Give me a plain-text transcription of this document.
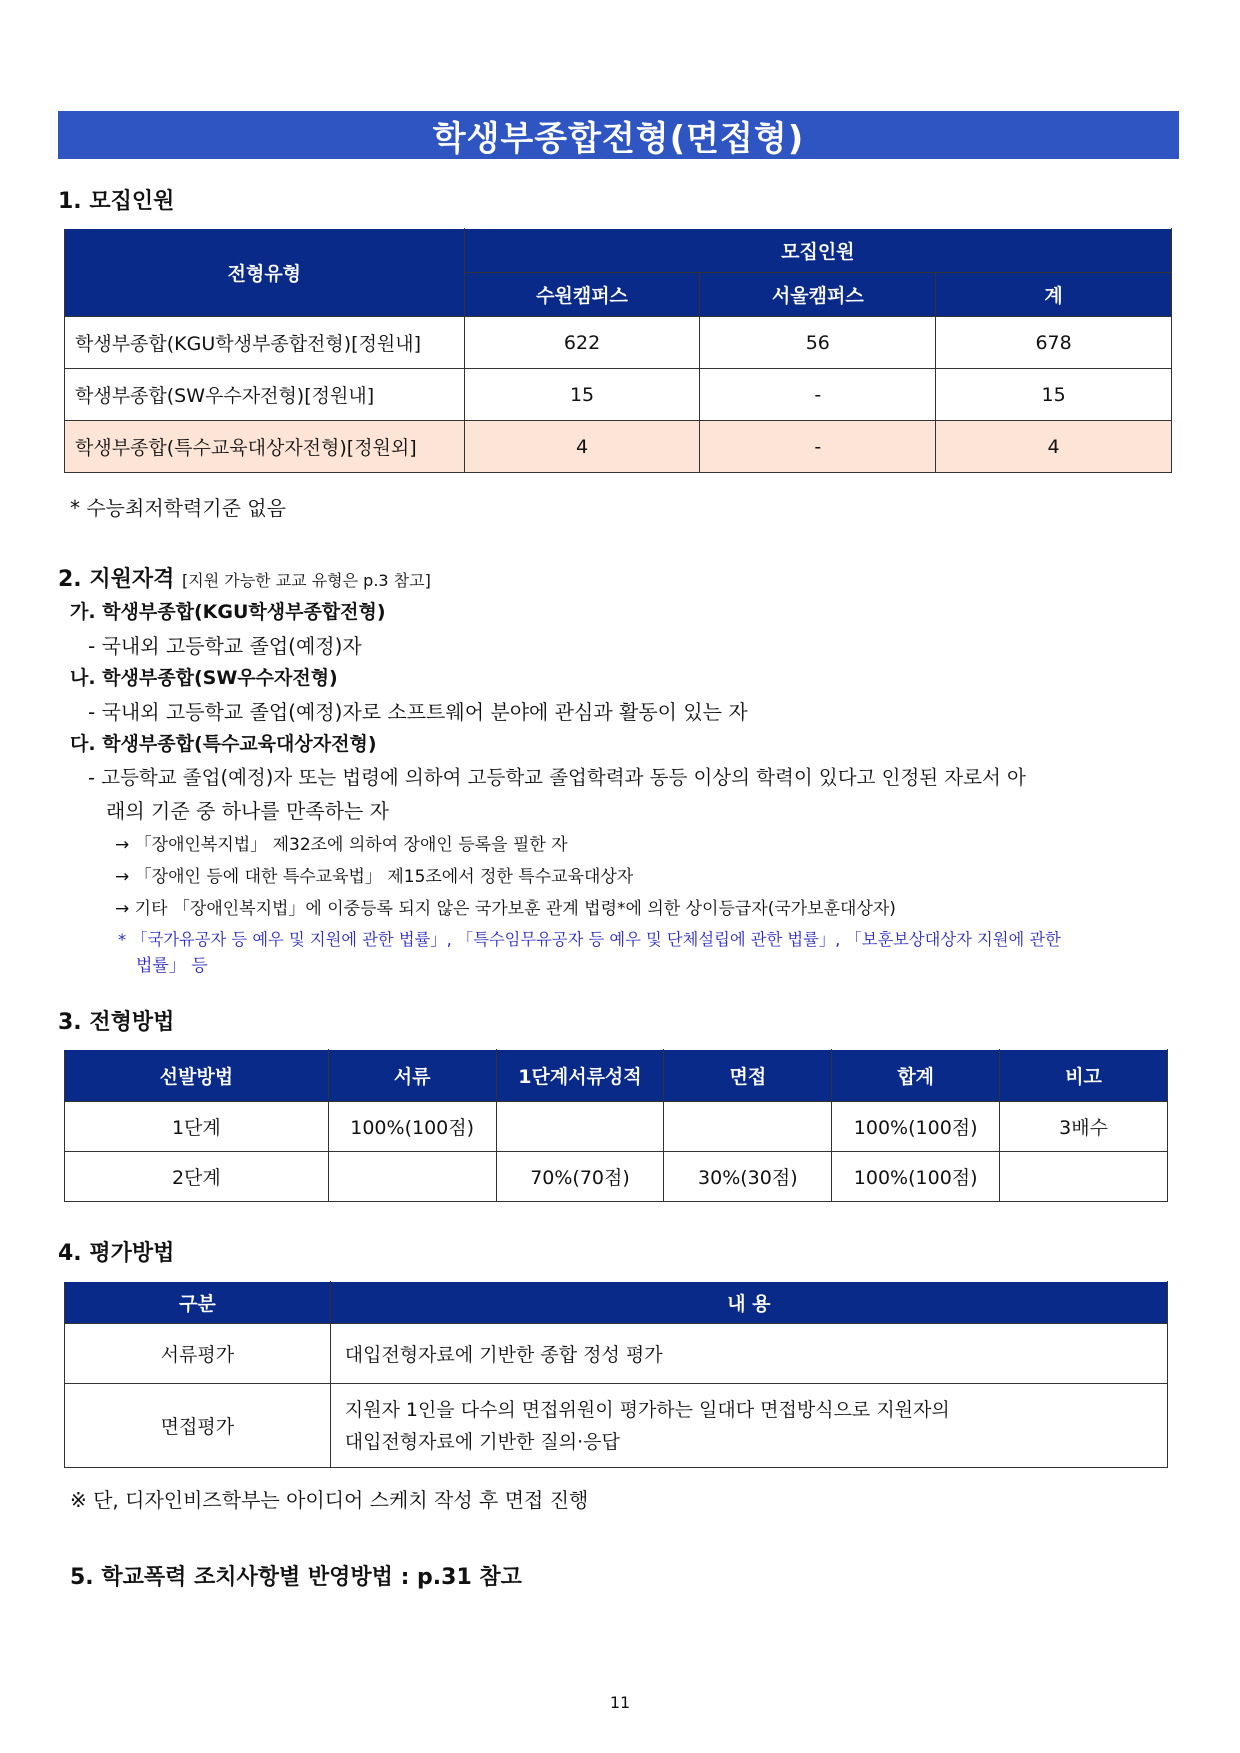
학생부종합전형(면접형)
1. 모집인원
전형유형	모집인원		
	수원캠퍼스	서울캠퍼스	계
학생부종합(KGU학생부종합전형)[정원내]	622	56	678
학생부종합(SW우수자전형)[정원내]	15	-	15
학생부종합(특수교육대상자전형)[정원외]	4	-	4
* 수능최저학력기준 없음
2. 지원자격 [지원 가능한 교교 유형은 p.3 참고]
가. 학생부종합(KGU학생부종합전형)
- 국내외 고등학교 졸업(예정)자
나. 학생부종합(SW우수자전형)
- 국내외 고등학교 졸업(예정)자로 소프트웨어 분야에 관심과 활동이 있는 자
다. 학생부종합(특수교육대상자전형)
- 고등학교 졸업(예정)자 또는 법령에 의하여 고등학교 졸업학력과 동등 이상의 학력이 있다고 인정된 자로서 아
래의 기준 중 하나를 만족하는 자
→ 「장애인복지법」 제32조에 의하여 장애인 등록을 필한 자
→ 「장애인 등에 대한 특수교육법」 제15조에서 정한 특수교육대상자
→ 기타 「장애인복지법」에 이중등록 되지 않은 국가보훈 관계 법령*에 의한 상이등급자(국가보훈대상자)
* 「국가유공자 등 예우 및 지원에 관한 법률」, 「특수임무유공자 등 예우 및 단체설립에 관한 법률」, 「보훈보상대상자 지원에 관한
법률」 등
3. 전형방법
선발방법	서류	1단계서류성적	면접	합계	비고
1단계	100%(100점)			100%(100점)	3배수
2단계		70%(70점)	30%(30점)	100%(100점)	
4. 평가방법
구분	내 용
서류평가	대입전형자료에 기반한 종합 정성 평가
면접평가	지원자 1인을 다수의 면접위원이 평가하는 일대다 면접방식으로 지원자의
대입전형자료에 기반한 질의·응답
※ 단, 디자인비즈학부는 아이디어 스케치 작성 후 면접 진행
5. 학교폭력 조치사항별 반영방법 : p.31 참고
11
